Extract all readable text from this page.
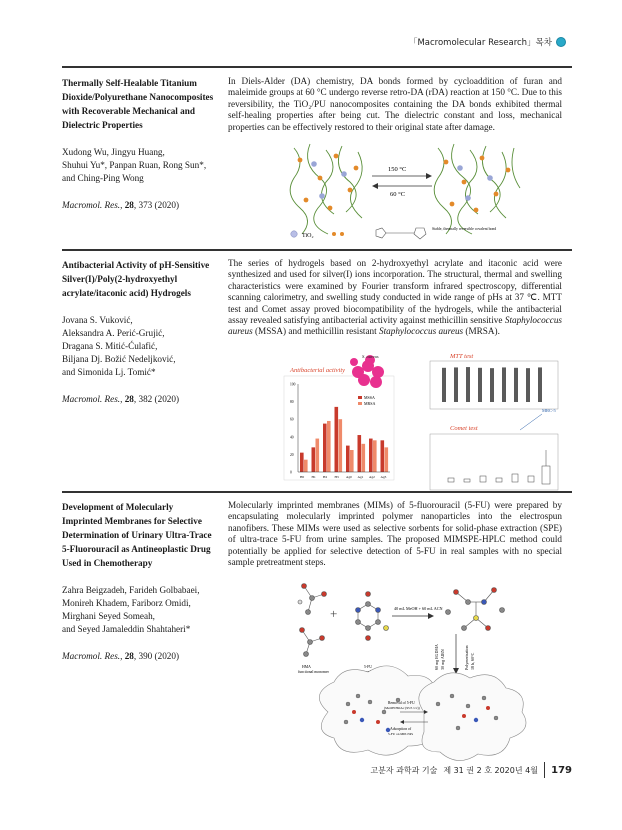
「Macromolecular Research」목차

Thermally Self-Healable Titanium Dioxide/Polyurethane Nanocomposites with Recoverable Mechanical and Dielectric Properties

Xudong Wu, Jingyu Huang,
Shuhui Yu*, Panpan Ruan, Rong Sun*,
and Ching-Ping Wong

Macromol. Res., 28, 373 (2020)

In Diels-Alder (DA) chemistry, DA bonds formed by cycloaddition of furan and maleimide groups at 60 °C undergo reverse retro-DA (rDA) reaction at 150 °C. Due to this reversibility, the TiO₂/PU nanocomposites containing the DA bonds exhibited thermal self-healing properties after being cut. The dielectric constant and loss, mechanical properties can be effectively restored to their original state after damage.

150 °C
60 °C
TiO₂
Stable, thermally reversible covalent bond

Antibacterial Activity of pH-Sensitive Silver(I)/Poly(2-hydroxyethyl acrylate/itaconic acid) Hydrogels

Jovana S. Vuković,
Aleksandra A. Perić-Grujić,
Dragana S. Mitić-Ćulafić,
Biljana Dj. Božić Nedeljković,
and Simonida Lj. Tomić*

Macromol. Res., 28, 382 (2020)

The series of hydrogels based on 2-hydroxyethyl acrylate and itaconic acid were synthesized and used for silver(I) ions incorporation. The structural, thermal and swelling characteristics were examined by Fourier transform infrared spectroscopy, differential scanning calorimetry, and swelling study conducted in wide range of pHs at 37 ℃. MTT test and Comet assay proved biocompatibility of the hydrogels, while the antibacterial assay revealed satisfying antibacterial activity against methicillin sensitive Staphylococcus aureus (MSSA) and methicillin resistant Staphylococcus aureus (MRSA).

Antibacterial activity
S. aureus
MSSA
MRSA
0
20
40
60
80
100
H0 H1 H2 H3 Ag0 Ag1 Ag2 Ag3
MTT test
MRC-5
Comet test

Development of Molecularly Imprinted Membranes for Selective Determination of Urinary Ultra-Trace 5-Fluorouracil as Antineoplastic Drug Used in Chemotherapy

Zahra Beigzadeh, Farideh Golbabaei,
Monireh Khadem, Fariborz Omidi,
Mirghani Seyed Someah,
and Seyed Jamaleddin Shahtaheri*

Macromol. Res., 28, 390 (2020)

Molecularly imprinted membranes (MIMs) of 5-fluorouracil (5-FU) were prepared by encapsulating molecularly imprinted polymer nanoparticles into the electrospun nanofibers. These MIMs were used as selective sorbents for solid-phase extraction (SPE) of ultra-trace 5-FU from urine samples. The proposed MIMSPE-HPLC method could potentially be applied for selective detection of 5-FU in real samples with no special sample pretreatment steps.

+	40 mL MeOH + 60 mL ACN
HMA functional monomer
5-FU	60 mg EGDMA 30 mg AIBN	Polymerization 18 h, 60°C
Removal of 5-FU
(MeOH:HOAc (95:5 v/v))
Adsorption of
5-FU on MIP-NPs
고분자 과학과 기술 제 31 권 2 호 2020년 4월 179
